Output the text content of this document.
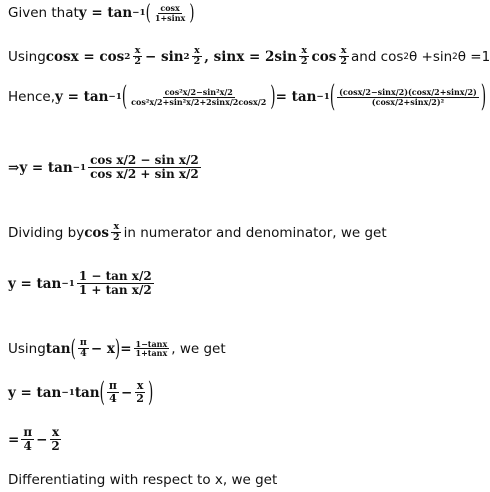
Given that y = tan −1 ( $\frac{\cos x}{1+\sin x}$ )
Using $\cos x = \cos 2 \frac{x}{2} - \sin 2 \frac{x}{2}$ , $\sin x = 2\sin \frac{x}{2}$ $\cos \frac{x}{2}$ and cos 2 θ +sin 2 θ =1
Hence, y = tan −1 ( $\frac{\text{cos²x/2−sin²x/2}}{\text{cos²x/2+sin²x/2+2sinx/2cosx/2}}$ ) = tan −1 ( $\frac{(\cos x/2-\sin x/2)(\cos x/2+\sin x/2)}{\text{(cosx/2+sinx/2)²}}$ )
⇒ $y = \tan -1 \frac{\text{cos x/2 − sin x/2}}{\text{cos x/2 + sin x/2}}$
Dividing by $\cos \frac{x}{2}$ in numerator and denominator, we get
$y = \tan -1 \frac{\text{1 − tan x/2}}{\text{1 + tan x/2}}$
Using tan ( $\frac{\pi}{4} - x$ ) = $\frac{1-\tan x}{1+\tan x}$ , we get
y = tan −1 tan ( $\frac{\pi}{4} - \frac{x}{2}$ )
= $\frac{\pi}{4} - \frac{x}{2}$
Differentiating with respect to x, we get
